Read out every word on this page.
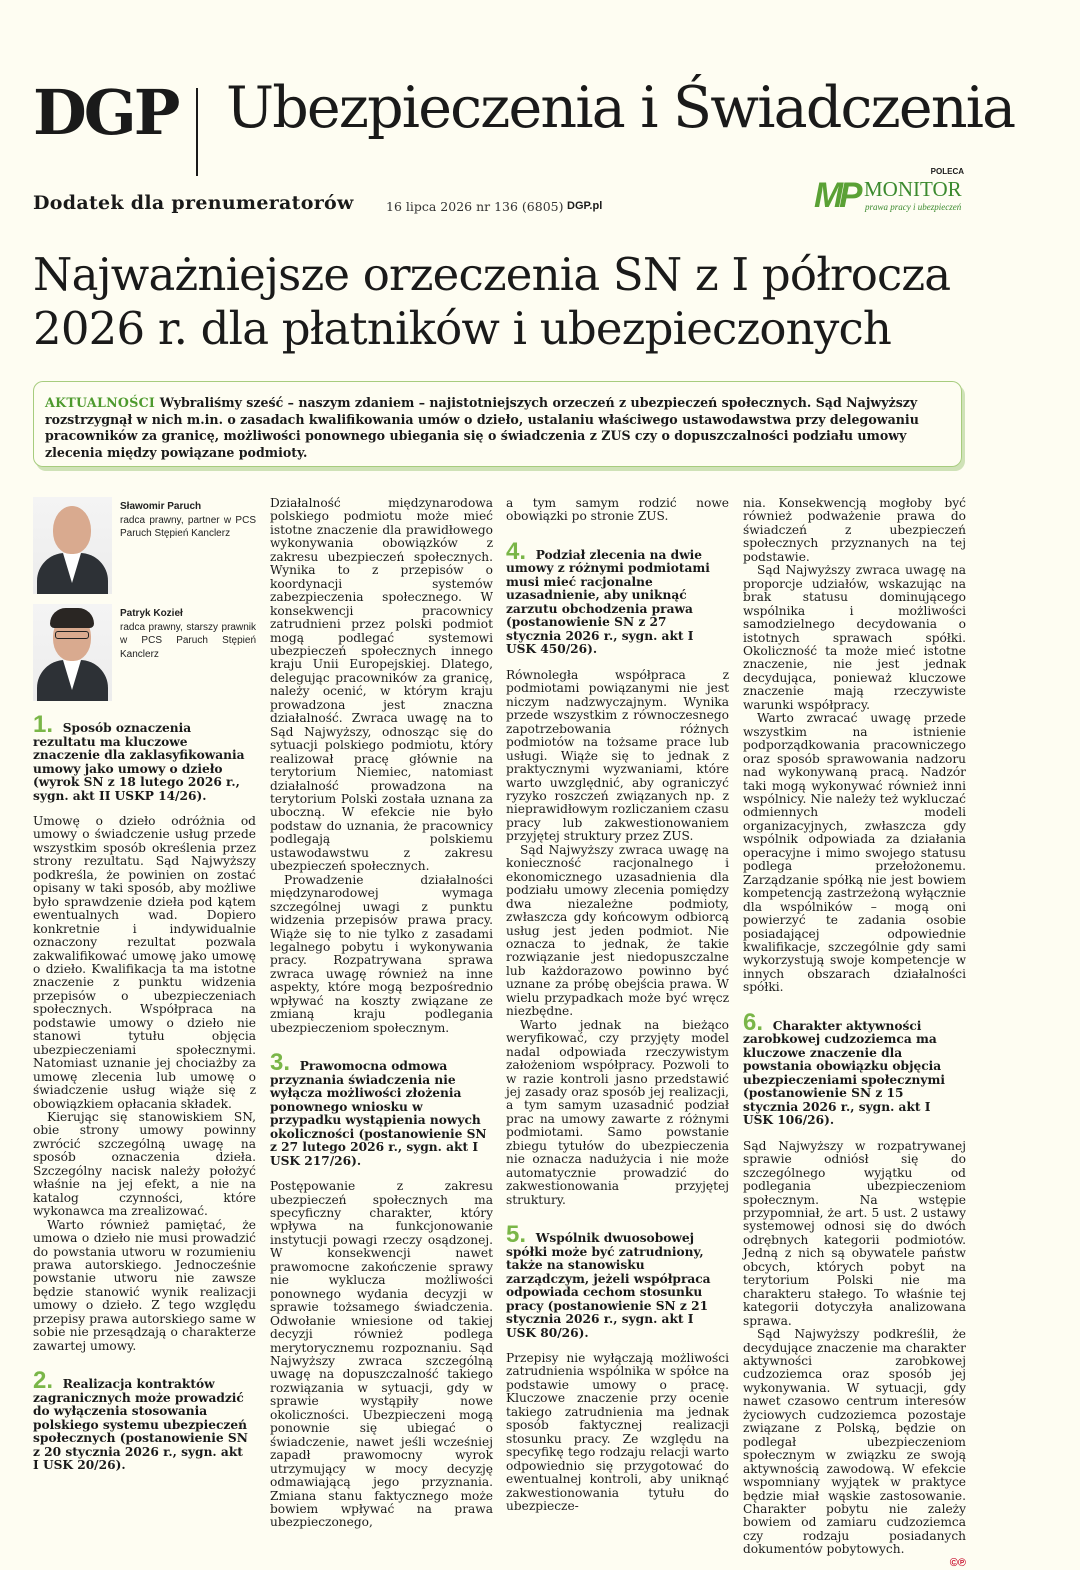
DGP Ubezpieczenia i Świadczenia
Dodatek dla prenumeratorów	16 lipca 2026 nr 136 (6805) DGP.pl
POLECA
MP MONITOR
prawa pracy i ubezpieczeń
Najważniejsze orzeczenia SN z I półrocza 2026 r. dla płatników i ubezpieczonych
AKTUALNOŚCI Wybraliśmy sześć – naszym zdaniem – najistotniejszych orzeczeń z ubezpieczeń społecznych. Sąd Najwyższy rozstrzygnął w nich m.in. o zasadach kwalifikowania umów o dzieło, ustalaniu właściwego ustawodawstwa przy delegowaniu pracowników za granicę, możliwości ponownego ubiegania się o świadczenia z ZUS czy o dopuszczalności podziału umowy zlecenia między powiązane podmioty.
Sławomir Paruch
radca prawny, partner w PCS Paruch Stępień Kanclerz
Patryk Kozieł
radca prawny, starszy prawnik w PCS Paruch Stępień Kanclerz
1. Sposób oznaczenia rezultatu ma kluczowe znaczenie dla zaklasyfikowania umowy jako umowy o dzieło (wyrok SN z 18 lutego 2026 r., sygn. akt II USKP 14/26).

Umowę o dzieło odróżnia od umowy o świadczenie usług przede wszystkim sposób określenia przez strony rezultatu. Sąd Najwyższy podkreśla, że powinien on zostać opisany w taki sposób, aby możliwe było sprawdzenie dzieła pod kątem ewentualnych wad. Dopiero konkretnie i indywidualnie oznaczony rezultat pozwala zakwalifikować umowę jako umowę o dzieło. Kwalifikacja ta ma istotne znaczenie z punktu widzenia przepisów o ubezpieczeniach społecznych. Współpraca na podstawie umowy o dzieło nie stanowi tytułu objęcia ubezpieczeniami społecznymi. Natomiast uznanie jej chociażby za umowę zlecenia lub umowę o świadczenie usług wiąże się z obowiązkiem opłacania składek.

Kierując się stanowiskiem SN, obie strony umowy powinny zwrócić szczególną uwagę na sposób oznaczenia dzieła. Szczególny nacisk należy położyć właśnie na jej efekt, a nie na katalog czynności, które wykonawca ma zrealizować.

Warto również pamiętać, że umowa o dzieło nie musi prowadzić do powstania utworu w rozumieniu prawa autorskiego. Jednocześnie powstanie utworu nie zawsze będzie stanowić wynik realizacji umowy o dzieło. Z tego względu przepisy prawa autorskiego same w sobie nie przesądzają o charakterze zawartej umowy.

2. Realizacja kontraktów zagranicznych może prowadzić do wyłączenia stosowania polskiego systemu ubezpieczeń społecznych (postanowienie SN z 20 stycznia 2026 r., sygn. akt I USK 20/26).

Działalność międzynarodowa polskiego podmiotu może mieć istotne znaczenie dla prawidłowego wykonywania obowiązków z zakresu ubezpieczeń społecznych. Wynika to z przepisów o koordynacji systemów zabezpieczenia społecznego. W konsekwencji pracownicy zatrudnieni przez polski podmiot mogą podlegać systemowi ubezpieczeń społecznych innego kraju Unii Europejskiej. Dlatego, delegując pracowników za granicę, należy ocenić, w którym kraju prowadzona jest znaczna działalność. Zwraca uwagę na to Sąd Najwyższy, odnosząc się do sytuacji polskiego podmiotu, który realizował pracę głównie na terytorium Niemiec, natomiast działalność prowadzona na terytorium Polski została uznana za uboczną. W efekcie nie było podstaw do uznania, że pracownicy podlegają polskiemu ustawodawstwu z zakresu ubezpieczeń społecznych.

Prowadzenie działalności międzynarodowej wymaga szczególnej uwagi z punktu widzenia przepisów prawa pracy. Wiąże się to nie tylko z zasadami legalnego pobytu i wykonywania pracy. Rozpatrywana sprawa zwraca uwagę również na inne aspekty, które mogą bezpośrednio wpływać na koszty związane ze zmianą kraju podlegania ubezpieczeniom społecznym.

3. Prawomocna odmowa przyznania świadczenia nie wyłącza możliwości złożenia ponownego wniosku w przypadku wystąpienia nowych okoliczności (postanowienie SN z 27 lutego 2026 r., sygn. akt I USK 217/26).

Postępowanie z zakresu ubezpieczeń społecznych ma specyficzny charakter, który wpływa na funkcjonowanie instytucji powagi rzeczy osądzonej. W konsekwencji nawet prawomocne zakończenie sprawy nie wyklucza możliwości ponownego wydania decyzji w sprawie tożsamego świadczenia. Odwołanie wniesione od takiej decyzji również podlega merytorycznemu rozpoznaniu. Sąd Najwyższy zwraca szczególną uwagę na dopuszczalność takiego rozwiązania w sytuacji, gdy w sprawie wystąpiły nowe okoliczności. Ubezpieczeni mogą ponownie się ubiegać o świadczenie, nawet jeśli wcześniej zapadł prawomocny wyrok utrzymujący w mocy decyzję odmawiającą jego przyznania. Zmiana stanu faktycznego może bowiem wpływać na prawa ubezpieczonego,

a tym samym rodzić nowe obowiązki po stronie ZUS.

4. Podział zlecenia na dwie umowy z różnymi podmiotami musi mieć racjonalne uzasadnienie, aby uniknąć zarzutu obchodzenia prawa (postanowienie SN z 27 stycznia 2026 r., sygn. akt I USK 450/26).

Równoległa współpraca z podmiotami powiązanymi nie jest niczym nadzwyczajnym. Wynika przede wszystkim z równoczesnego zapotrzebowania różnych podmiotów na tożsame prace lub usługi. Wiąże się to jednak z praktycznymi wyzwaniami, które warto uwzględnić, aby ograniczyć ryzyko roszczeń związanych np. z nieprawidłowym rozliczaniem czasu pracy lub zakwestionowaniem przyjętej struktury przez ZUS.

Sąd Najwyższy zwraca uwagę na konieczność racjonalnego i ekonomicznego uzasadnienia dla podziału umowy zlecenia pomiędzy dwa niezależne podmioty, zwłaszcza gdy końcowym odbiorcą usług jest jeden podmiot. Nie oznacza to jednak, że takie rozwiązanie jest niedopuszczalne lub każdorazowo powinno być uznane za próbę obejścia prawa. W wielu przypadkach może być wręcz niezbędne.

Warto jednak na bieżąco weryfikować, czy przyjęty model nadal odpowiada rzeczywistym założeniom współpracy. Pozwoli to w razie kontroli jasno przedstawić jej zasady oraz sposób jej realizacji, a tym samym uzasadnić podział prac na umowy zawarte z różnymi podmiotami. Samo powstanie zbiegu tytułów do ubezpieczenia nie oznacza nadużycia i nie może automatycznie prowadzić do zakwestionowania przyjętej struktury.

5. Wspólnik dwuosobowej spółki może być zatrudniony, także na stanowisku zarządczym, jeżeli współpraca odpowiada cechom stosunku pracy (postanowienie SN z 21 stycznia 2026 r., sygn. akt I USK 80/26).

Przepisy nie wyłączają możliwości zatrudnienia wspólnika w spółce na podstawie umowy o pracę. Kluczowe znaczenie przy ocenie takiego zatrudnienia ma jednak sposób faktycznej realizacji stosunku pracy. Ze względu na specyfikę tego rodzaju relacji warto odpowiednio się przygotować do ewentualnej kontroli, aby uniknąć zakwestionowania tytułu do ubezpiecze-

nia. Konsekwencją mogłoby być również podważenie prawa do świadczeń z ubezpieczeń społecznych przyznanych na tej podstawie.

Sąd Najwyższy zwraca uwagę na proporcje udziałów, wskazując na brak statusu dominującego wspólnika i możliwości samodzielnego decydowania o istotnych sprawach spółki. Okoliczność ta może mieć istotne znaczenie, nie jest jednak decydująca, ponieważ kluczowe znaczenie mają rzeczywiste warunki współpracy.

Warto zwracać uwagę przede wszystkim na istnienie podporządkowania pracowniczego oraz sposób sprawowania nadzoru nad wykonywaną pracą. Nadzór taki mogą wykonywać również inni wspólnicy. Nie należy też wykluczać odmiennych modeli organizacyjnych, zwłaszcza gdy wspólnik odpowiada za działania operacyjne i mimo swojego statusu podlega przełożonemu. Zarządzanie spółką nie jest bowiem kompetencją zastrzeżoną wyłącznie dla wspólników – mogą oni powierzyć te zadania osobie posiadającej odpowiednie kwalifikacje, szczególnie gdy sami wykorzystują swoje kompetencje w innych obszarach działalności spółki.

6. Charakter aktywności zarobkowej cudzoziemca ma kluczowe znaczenie dla powstania obowiązku objęcia ubezpieczeniami społecznymi (postanowienie SN z 15 stycznia 2026 r., sygn. akt I USK 106/26).

Sąd Najwyższy w rozpatrywanej sprawie odniósł się do szczególnego wyjątku od podlegania ubezpieczeniom społecznym. Na wstępie przypomniał, że art. 5 ust. 2 ustawy systemowej odnosi się do dwóch odrębnych kategorii podmiotów. Jedną z nich są obywatele państw obcych, których pobyt na terytorium Polski nie ma charakteru stałego. To właśnie tej kategorii dotyczyła analizowana sprawa.

Sąd Najwyższy podkreślił, że decydujące znaczenie ma charakter aktywności zarobkowej cudzoziemca oraz sposób jej wykonywania. W sytuacji, gdy nawet czasowo centrum interesów życiowych cudzoziemca pozostaje związane z Polską, będzie on podlegał ubezpieczeniom społecznym w związku ze swoją aktywnością zawodową. W efekcie wspomniany wyjątek w praktyce będzie miał wąskie zastosowanie. Charakter pobytu nie zależy bowiem od zamiaru cudzoziemca czy rodzaju posiadanych dokumentów pobytowych.

©℗
